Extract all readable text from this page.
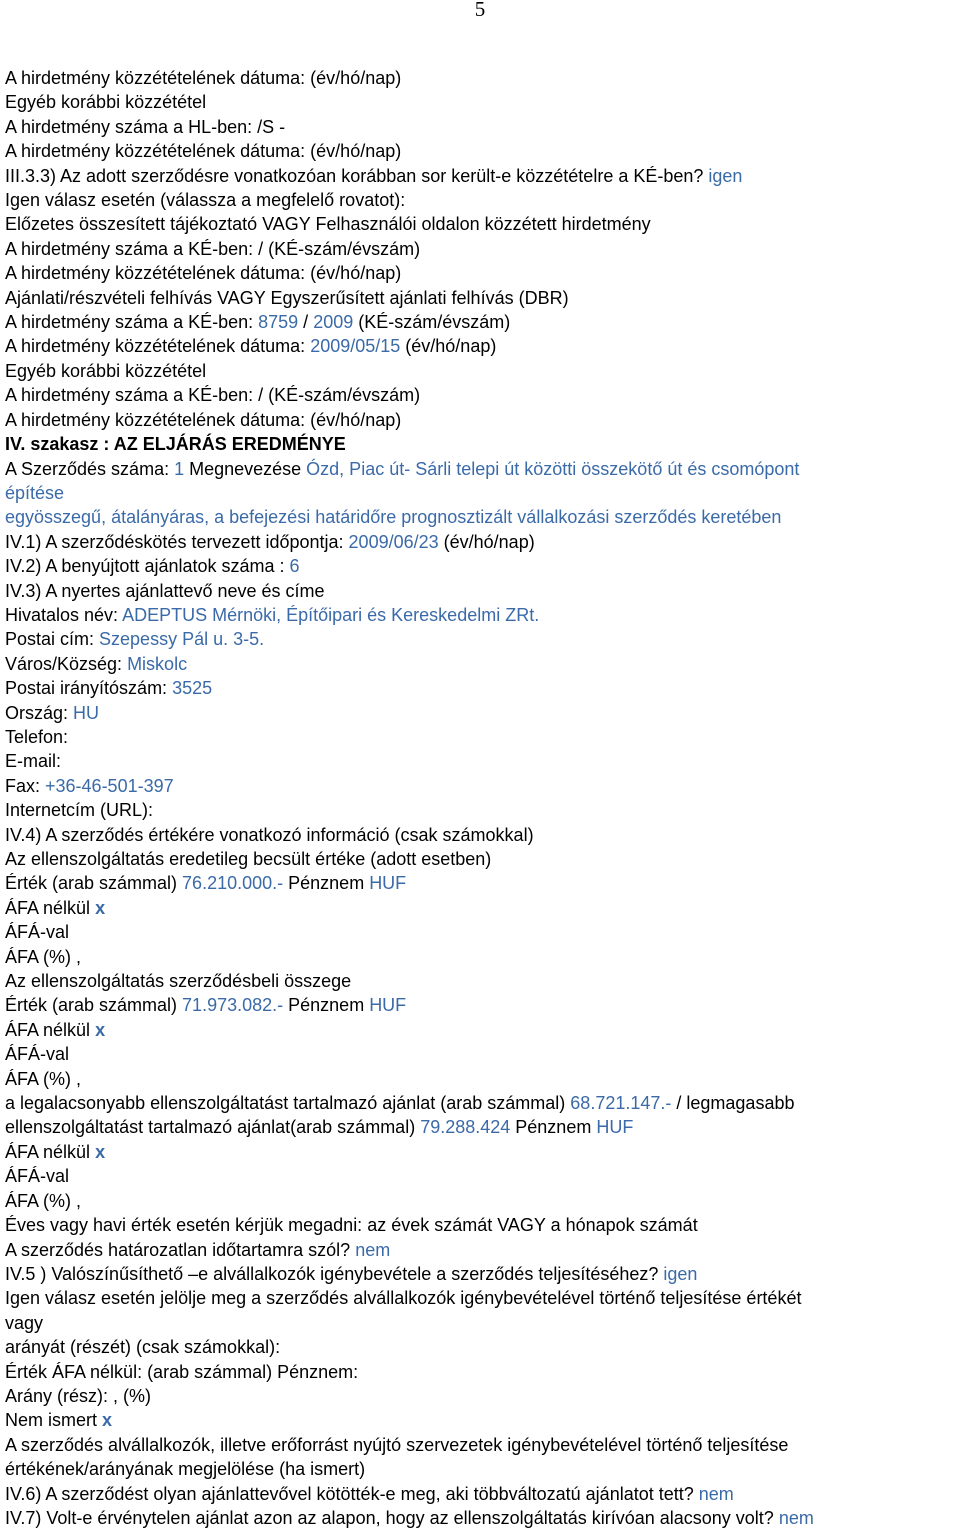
5
A hirdetmény közzétételének dátuma: (év/hó/nap)
Egyéb korábbi közzététel
A hirdetmény száma a HL-ben: /S -
A hirdetmény közzétételének dátuma: (év/hó/nap)
III.3.3) Az adott szerződésre vonatkozóan korábban sor került-e közzétételre a KÉ-ben? igen
Igen válasz esetén (válassza a megfelelő rovatot):
Előzetes összesített tájékoztató VAGY Felhasználói oldalon közzétett hirdetmény
A hirdetmény száma a KÉ-ben: / (KÉ-szám/évszám)
A hirdetmény közzétételének dátuma: (év/hó/nap)
Ajánlati/részvételi felhívás VAGY Egyszerűsített ajánlati felhívás (DBR)
A hirdetmény száma a KÉ-ben: 8759 / 2009 (KÉ-szám/évszám)
A hirdetmény közzétételének dátuma: 2009/05/15 (év/hó/nap)
Egyéb korábbi közzététel
A hirdetmény száma a KÉ-ben: / (KÉ-szám/évszám)
A hirdetmény közzétételének dátuma: (év/hó/nap)
IV. szakasz : AZ ELJÁRÁS EREDMÉNYE
A Szerződés száma: 1 Megnevezése Ózd, Piac út- Sárli telepi út közötti összekötő út és csomópont
építése
egyösszegű, átalányáras, a befejezési határidőre prognosztizált vállalkozási szerződés keretében
IV.1) A szerződéskötés tervezett időpontja: 2009/06/23 (év/hó/nap)
IV.2) A benyújtott ajánlatok száma : 6
IV.3) A nyertes ajánlattevő neve és címe
Hivatalos név: ADEPTUS Mérnöki, Építőipari és Kereskedelmi ZRt.
Postai cím: Szepessy Pál u. 3-5.
Város/Község: Miskolc
Postai irányítószám: 3525
Ország: HU
Telefon:
E-mail:
Fax: +36-46-501-397
Internetcím (URL):
IV.4) A szerződés értékére vonatkozó információ (csak számokkal)
Az ellenszolgáltatás eredetileg becsült értéke (adott esetben)
Érték (arab számmal) 76.210.000.- Pénznem HUF
ÁFA nélkül x
ÁFÁ-val
ÁFA (%) ,
Az ellenszolgáltatás szerződésbeli összege
Érték (arab számmal) 71.973.082.- Pénznem HUF
ÁFA nélkül x
ÁFÁ-val
ÁFA (%) ,
a legalacsonyabb ellenszolgáltatást tartalmazó ajánlat (arab számmal) 68.721.147.- / legmagasabb
ellenszolgáltatást tartalmazó ajánlat(arab számmal) 79.288.424 Pénznem HUF
ÁFA nélkül x
ÁFÁ-val
ÁFA (%) ,
Éves vagy havi érték esetén kérjük megadni: az évek számát VAGY a hónapok számát
A szerződés határozatlan időtartamra szól? nem
IV.5 ) Valószínűsíthető –e alvállalkozók igénybevétele a szerződés teljesítéséhez? igen
Igen válasz esetén jelölje meg a szerződés alvállalkozók igénybevételével történő teljesítése értékét
vagy
arányát (részét) (csak számokkal):
Érték ÁFA nélkül: (arab számmal) Pénznem:
Arány (rész): , (%)
Nem ismert x
A szerződés alvállalkozók, illetve erőforrást nyújtó szervezetek igénybevételével történő teljesítése
értékének/arányának megjelölése (ha ismert)
IV.6) A szerződést olyan ajánlattevővel kötötték-e meg, aki többváltozatú ajánlatot tett? nem
IV.7) Volt-e érvénytelen ajánlat azon az alapon, hogy az ellenszolgáltatás kirívóan alacsony volt? nem
